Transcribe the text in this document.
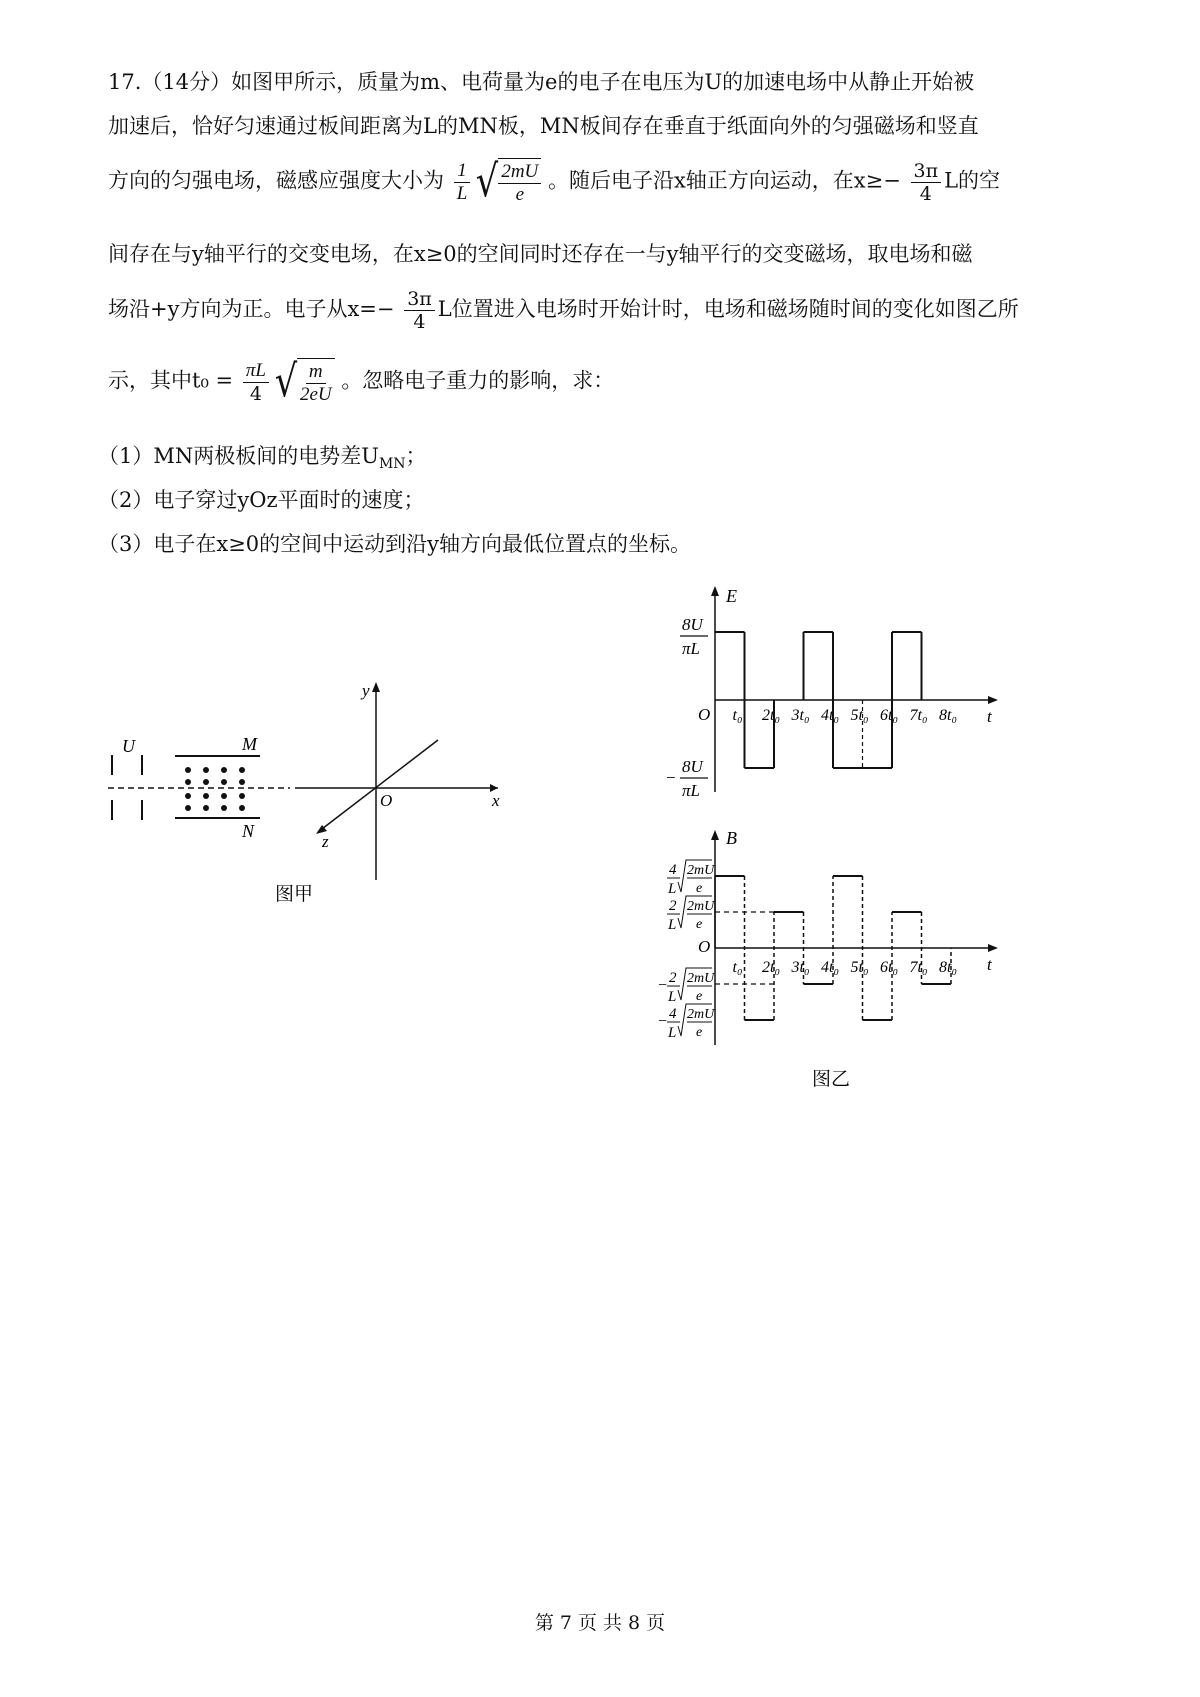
17.（14分）如图甲所示，质量为m、电荷量为e的电子在电压为U的加速电场中从静止开始被
加速后，恰好匀速通过板间距离为L的MN板，MN板间存在垂直于纸面向外的匀强磁场和竖直
方向的匀强电场，磁感应强度大小为 $\frac{1}{L}$ √ $\frac{2mU}{e}$ 。随后电子沿x轴正方向运动，在$x\ge- \frac{3\pi}{4}$ L的空
间存在与y轴平行的交变电场，在x≥0的空间同时还存在一与y轴平行的交变磁场，取电场和磁
场沿+y方向为正。电子从$x=- \frac{3\pi}{4}$ L位置进入电场时开始计时，电场和磁场随时间的变化如图乙所
示，其中$t_0 = \frac{\pi L}{4}$ √ $\frac{m}{2eU}$ 。忽略电子重力的影响，求：
（1）MN两极板间的电势差$U_{MN}$；
（2）电子穿过yOz平面时的速度；
（3）电子在x≥0的空间中运动到沿y轴方向最低位置点的坐标。
U	M
N
x
y
z
O
图甲
E
t
O
8U
πL
−
8U
πL
t₀ 2t₀ 3t₀ 4t₀ 5t₀ 6t₀ 7t₀ 8t₀
B
t
O
4
L
2mU
e
2
L
2mU
e
− 2
L
2mU
e
− 4
L
2mU
e
t₀ 2t₀ 3t₀ 4t₀ 5t₀ 6t₀ 7t₀ 8t₀
图乙
第 7 页 共 8 页
